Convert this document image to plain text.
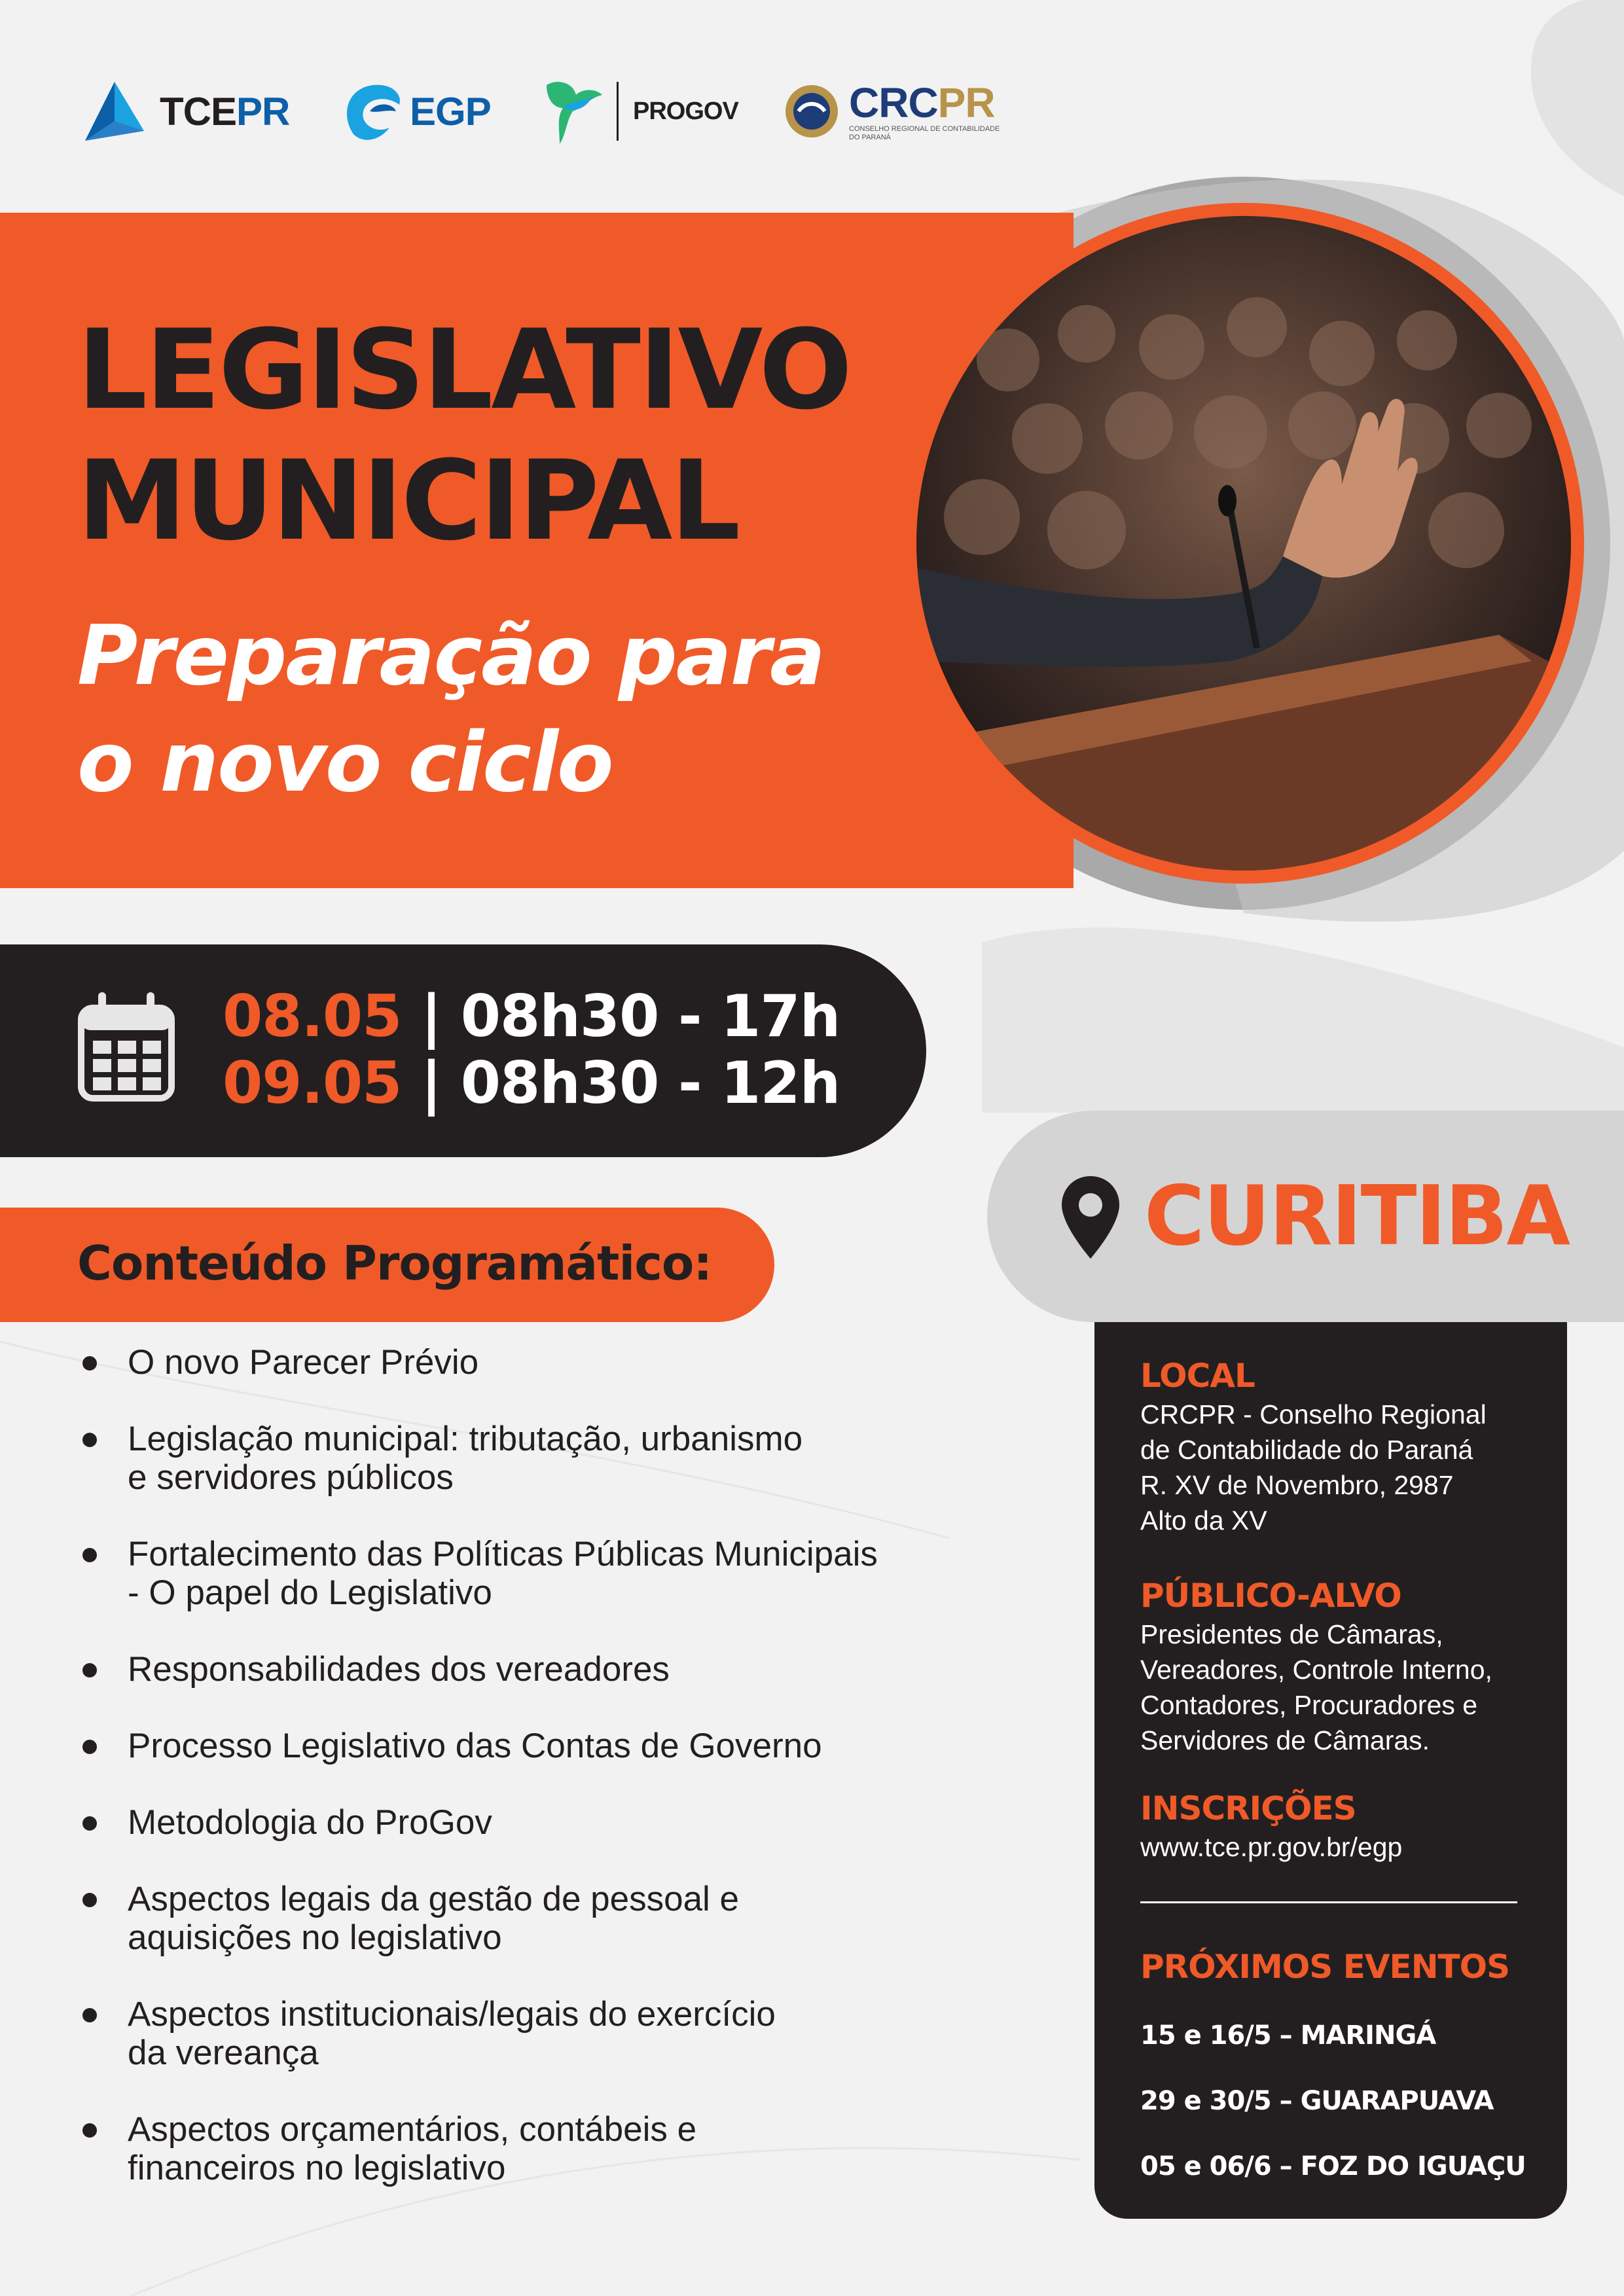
TCEPR	EGP	PROGOV	CRCPR
CONSELHO REGIONAL DE CONTABILIDADE DO PARANÁ
LEGISLATIVO
MUNICIPAL
Preparação para
o novo ciclo
08.05 | 08h30 - 17h
09.05 | 08h30 - 12h
CURITIBA
Conteúdo Programático:
O novo Parecer Prévio
Legislação municipal: tributação, urbanismo
e servidores públicos
Fortalecimento das Políticas Públicas Municipais
- O papel do Legislativo
Responsabilidades dos vereadores
Processo Legislativo das Contas de Governo
Metodologia do ProGov
Aspectos legais da gestão de pessoal e
aquisições no legislativo
Aspectos institucionais/legais do exercício
da vereança
Aspectos orçamentários, contábeis e
financeiros no legislativo
LOCAL
CRCPR - Conselho Regional
de Contabilidade do Paraná
R. XV de Novembro, 2987
Alto da XV
PÚBLICO-ALVO
Presidentes de Câmaras,
Vereadores, Controle Interno,
Contadores, Procuradores e
Servidores de Câmaras.
INSCRIÇÕES
www.tce.pr.gov.br/egp
PRÓXIMOS EVENTOS
15 e 16/5 – MARINGÁ
29 e 30/5 – GUARAPUAVA
05 e 06/6 – FOZ DO IGUAÇU
